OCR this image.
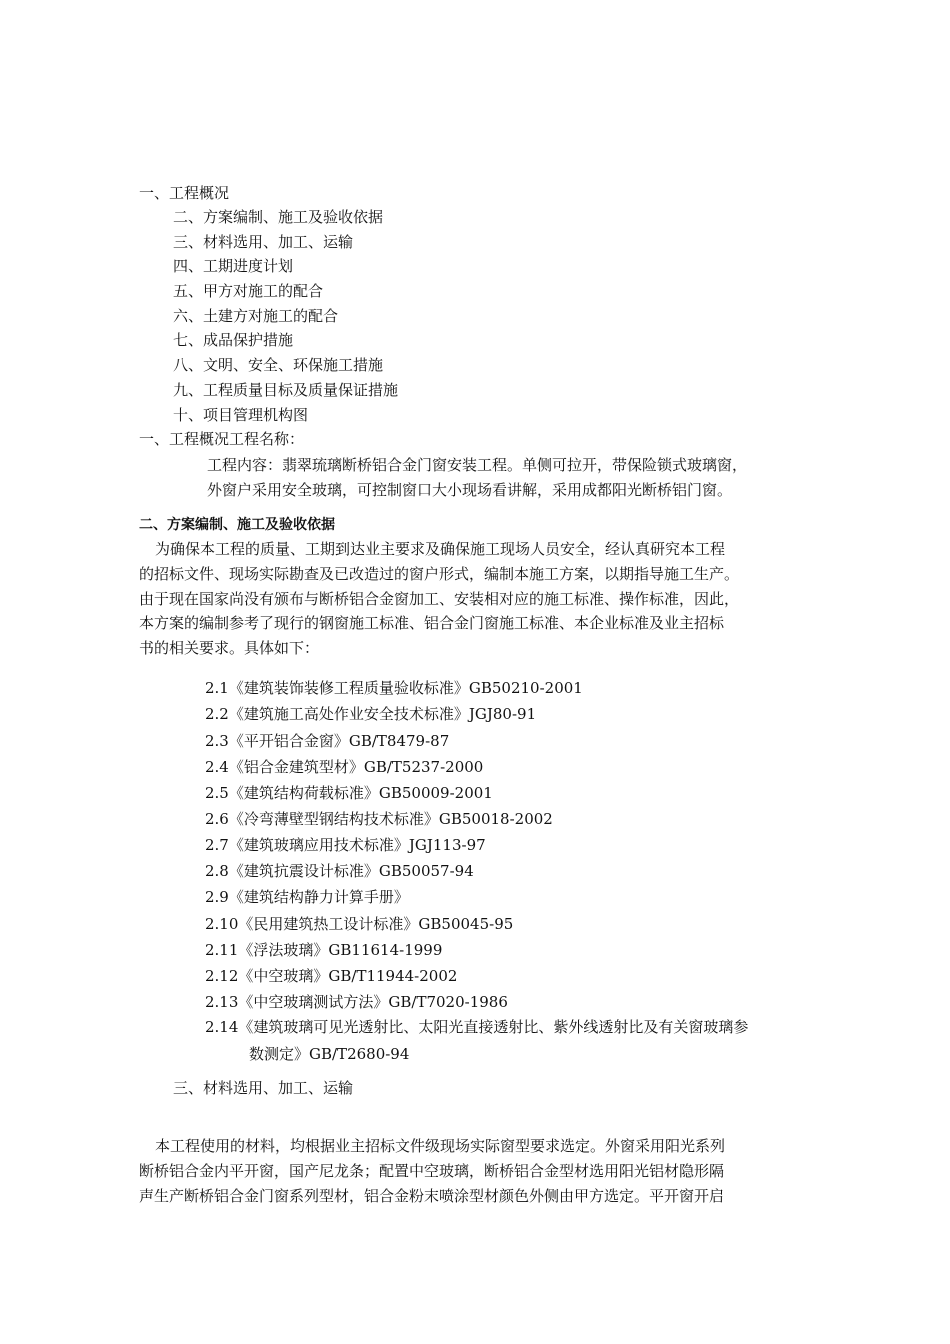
一、工程概况
二、方案编制、施工及验收依据
三、材料选用、加工、运输
四、工期进度计划
五、甲方对施工的配合
六、土建方对施工的配合
七、成品保护措施
八、文明、安全、环保施工措施
九、工程质量目标及质量保证措施
十、项目管理机构图
一、工程概况工程名称：
工程内容：翡翠琉璃断桥铝合金门窗安装工程。单侧可拉开，带保险锁式玻璃窗，
外窗户采用安全玻璃，可控制窗口大小现场看讲解，采用成都阳光断桥铝门窗。
二、方案编制、施工及验收依据
为确保本工程的质量、工期到达业主要求及确保施工现场人员安全，经认真研究本工程
的招标文件、现场实际勘查及已改造过的窗户形式，编制本施工方案，以期指导施工生产。
由于现在国家尚没有颁布与断桥铝合金窗加工、安装相对应的施工标准、操作标准，因此，
本方案的编制参考了现行的钢窗施工标准、铝合金门窗施工标准、本企业标准及业主招标
书的相关要求。具体如下：
2.1《建筑装饰装修工程质量验收标准》GB50210-2001
2.2《建筑施工高处作业安全技术标准》JGJ80-91
2.3《平开铝合金窗》GB/T8479-87
2.4《铝合金建筑型材》GB/T5237-2000
2.5《建筑结构荷载标准》GB50009-2001
2.6《冷弯薄壁型钢结构技术标准》GB50018-2002
2.7《建筑玻璃应用技术标准》JGJ113-97
2.8《建筑抗震设计标准》GB50057-94
2.9《建筑结构静力计算手册》
2.10《民用建筑热工设计标准》GB50045-95
2.11《浮法玻璃》GB11614-1999
2.12《中空玻璃》GB/T11944-2002
2.13《中空玻璃测试方法》GB/T7020-1986
2.14《建筑玻璃可见光透射比、太阳光直接透射比、紫外线透射比及有关窗玻璃参
数测定》GB/T2680-94
三、材料选用、加工、运输
本工程使用的材料，均根据业主招标文件级现场实际窗型要求选定。外窗采用阳光系列
断桥铝合金内平开窗，国产尼龙条；配置中空玻璃，断桥铝合金型材选用阳光铝材隐形隔
声生产断桥铝合金门窗系列型材，铝合金粉末喷涂型材颜色外侧由甲方选定。平开窗开启
